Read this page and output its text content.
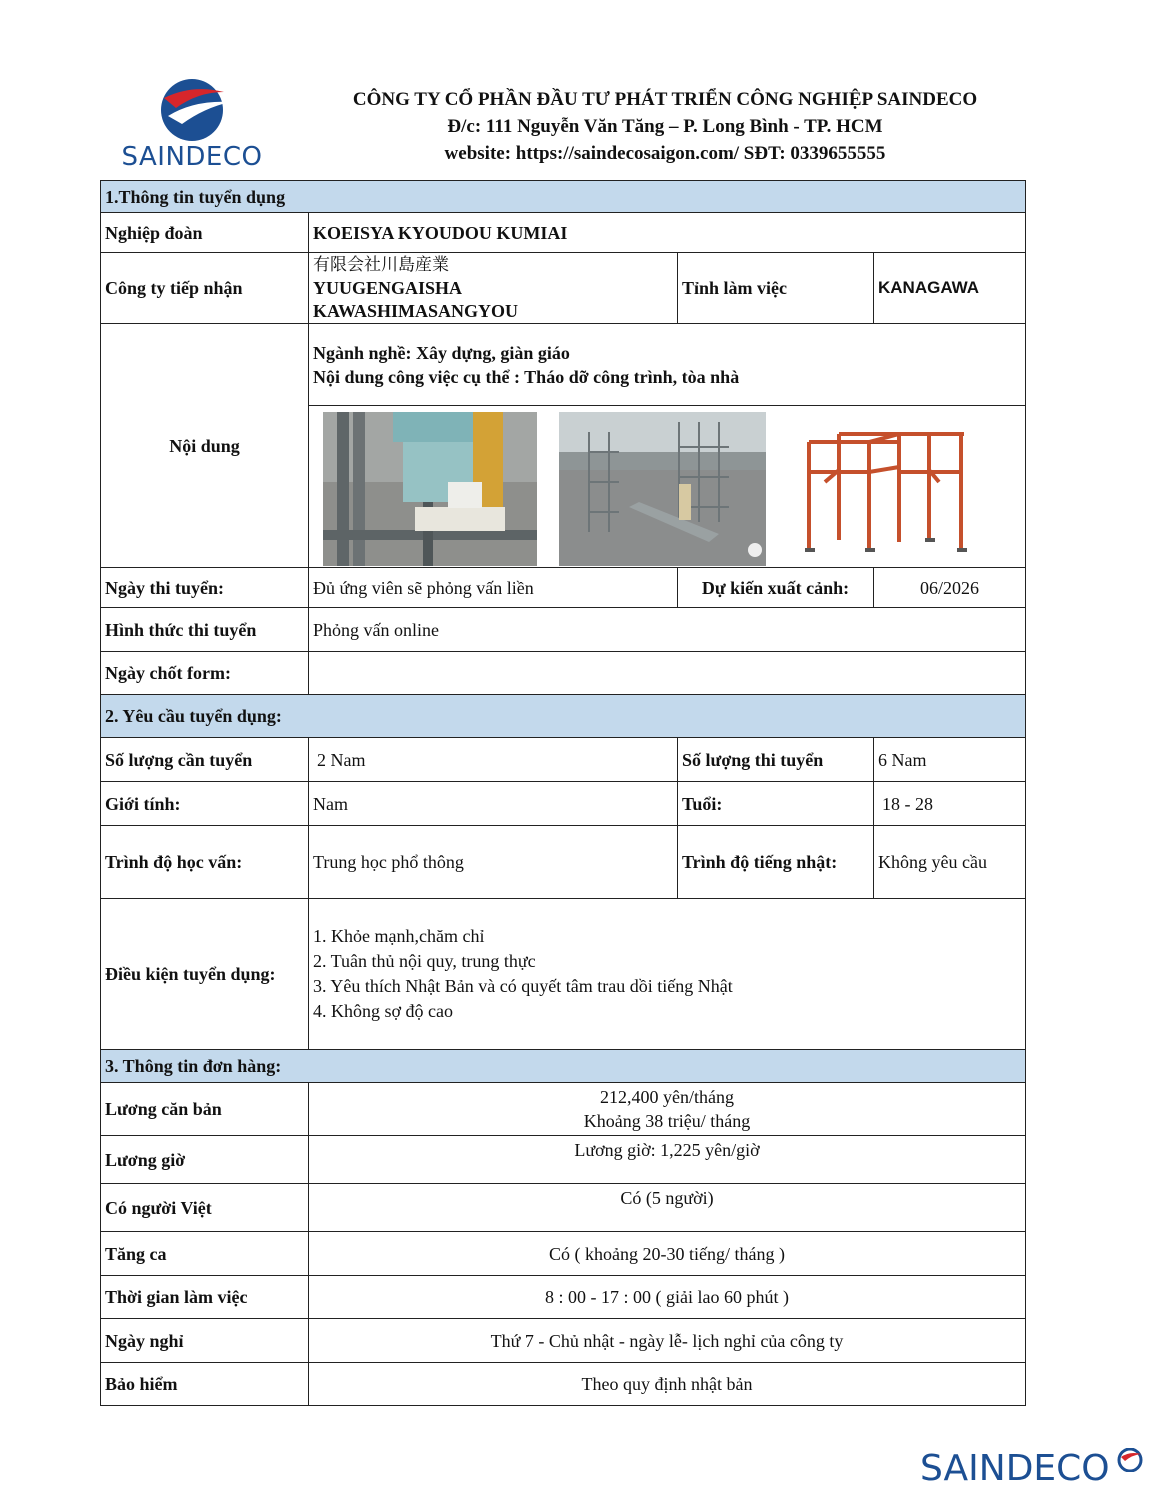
SAINDECO
CÔNG TY CỔ PHẦN ĐẦU TƯ PHÁT TRIỂN CÔNG NGHIỆP SAINDECO
Đ/c: 111 Nguyễn Văn Tăng – P. Long Bình - TP. HCM
website: https://saindecosaigon.com/ SĐT: 0339655555
1.Thông tin tuyển dụng			
Nghiệp đoàn	KOEISYA KYOUDOU KUMIAI		
Công ty tiếp nhận	有限会社川島産業
YUUGENGAISHA
KAWASHIMASANGYOU	Tỉnh làm việc	KANAGAWA
Nội dung	Ngành nghề: Xây dựng, giàn giáo
Nội dung công việc cụ thể : Tháo dỡ công trình, tòa nhà		

Ngày thi tuyển:	Đủ ứng viên sẽ phỏng vấn liền	Dự kiến xuất cảnh:	06/2026
Hình thức thi tuyển	Phỏng vấn online		
Ngày chốt form:			
2. Yêu cầu tuyển dụng:			
Số lượng cần tuyển	2 Nam	Số lượng thi tuyển	6 Nam
Giới tính:	Nam	Tuổi:	18 - 28
Trình độ học vấn:	Trung học phổ thông	Trình độ tiếng nhật:	Không yêu cầu
Điều kiện tuyển dụng:	1. Khỏe mạnh,chăm chỉ
2. Tuân thủ nội quy, trung thực
3. Yêu thích Nhật Bản và có quyết tâm trau dồi tiếng Nhật
4. Không sợ độ cao		

3. Thông tin đơn hàng:			
Lương căn bản	212,400 yên/tháng
Khoảng 38 triệu/ tháng		

Lương giờ	Lương giờ: 1,225 yên/giờ		
Có người Việt	Có (5 người)		
Tăng ca	Có ( khoảng 20-30 tiếng/ tháng )		
Thời gian làm việc	8 : 00 - 17 : 00 ( giải lao 60 phút )		
Ngày nghỉ	Thứ 7 - Chủ nhật - ngày lễ- lịch nghỉ của công ty		
Bảo hiểm	Theo quy định nhật bản		
SAINDECO
